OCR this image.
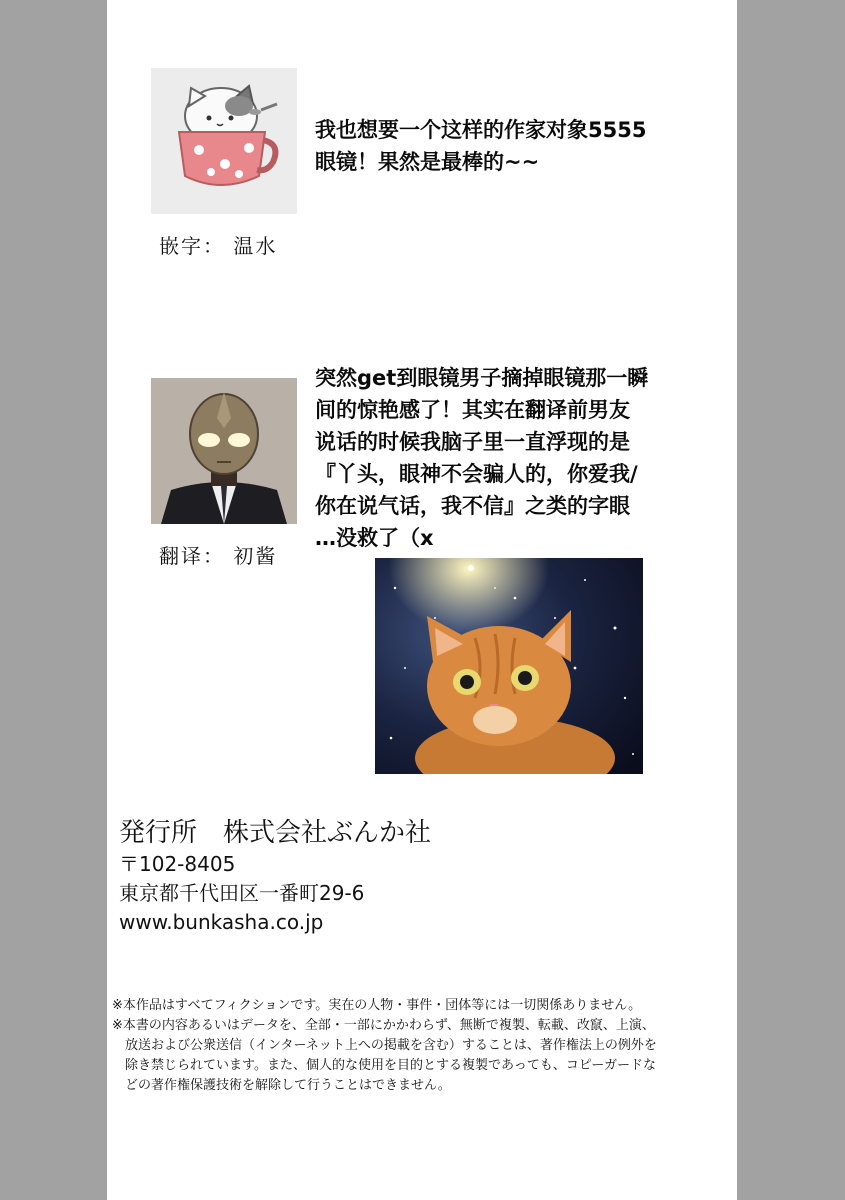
嵌字： 温水
我也想要一个这样的作家对象5555
眼镜！果然是最棒的~~
翻译： 初酱
突然get到眼镜男子摘掉眼镜那一瞬
间的惊艳感了！其实在翻译前男友
说话的时候我脑子里一直浮现的是
『丫头，眼神不会骗人的，你爱我/
你在说气话，我不信』之类的字眼
…没救了（x
発行所 株式会社ぶんか社
〒102-8405
東京都千代田区一番町29-6
www.bunkasha.co.jp
※本作品はすべてフィクションです。実在の人物・事件・団体等には一切関係ありません。
※本書の内容あるいはデータを、全部・一部にかかわらず、無断で複製、転載、改竄、上演、
放送および公衆送信（インターネット上への掲載を含む）することは、著作権法上の例外を
除き禁じられています。また、個人的な使用を目的とする複製であっても、コピーガードな
どの著作権保護技術を解除して行うことはできません。
